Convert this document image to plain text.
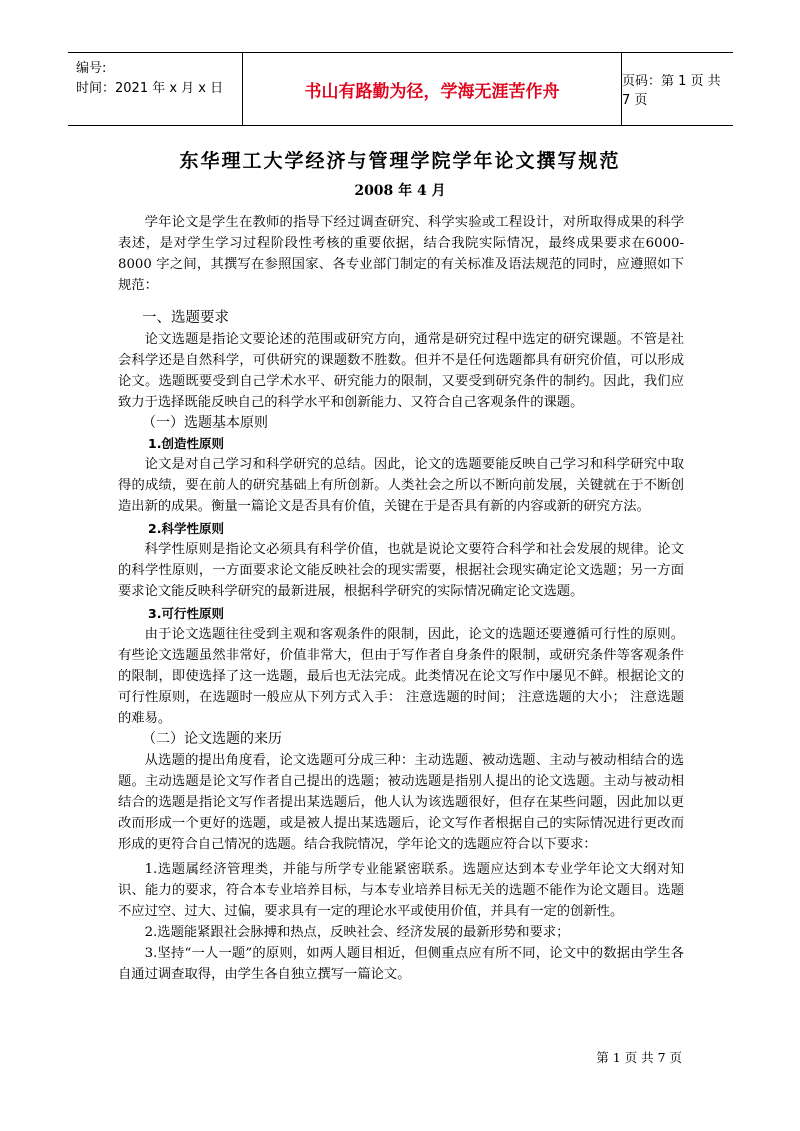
编号:
时间：2021 年 x 月 x 日	书山有路勤为径，学海无涯苦作舟	页码：第 1 页 共 7 页
东华理工大学经济与管理学院学年论文撰写规范
2008 年 4 月

学年论文是学生在教师的指导下经过调查研究、科学实验或工程设计，对所取得成果的科学表述，是对学生学习过程阶段性考核的重要依据，结合我院实际情况，最终成果要求在6000-8000 字之间，其撰写在参照国家、各专业部门制定的有关标准及语法规范的同时，应遵照如下规范：

一、选题要求

论文选题是指论文要论述的范围或研究方向，通常是研究过程中选定的研究课题。不管是社会科学还是自然科学，可供研究的课题数不胜数。但并不是任何选题都具有研究价值，可以形成论文。选题既要受到自己学术水平、研究能力的限制，又要受到研究条件的制约。因此，我们应致力于选择既能反映自己的科学水平和创新能力、又符合自己客观条件的课题。

（一）选题基本原则

1.创造性原则

论文是对自己学习和科学研究的总结。因此，论文的选题要能反映自己学习和科学研究中取得的成绩，要在前人的研究基础上有所创新。人类社会之所以不断向前发展，关键就在于不断创造出新的成果。衡量一篇论文是否具有价值，关键在于是否具有新的内容或新的研究方法。

2.科学性原则

科学性原则是指论文必须具有科学价值，也就是说论文要符合科学和社会发展的规律。论文的科学性原则，一方面要求论文能反映社会的现实需要，根据社会现实确定论文选题；另一方面要求论文能反映科学研究的最新进展，根据科学研究的实际情况确定论文选题。

3.可行性原则

由于论文选题往往受到主观和客观条件的限制，因此，论文的选题还要遵循可行性的原则。有些论文选题虽然非常好，价值非常大，但由于写作者自身条件的限制，或研究条件等客观条件的限制，即使选择了这一选题，最后也无法完成。此类情况在论文写作中屡见不鲜。根据论文的可行性原则，在选题时一般应从下列方式入手： 注意选题的时间； 注意选题的大小； 注意选题的难易。

（二）论文选题的来历

从选题的提出角度看，论文选题可分成三种：主动选题、被动选题、主动与被动相结合的选题。主动选题是论文写作者自己提出的选题；被动选题是指别人提出的论文选题。主动与被动相结合的选题是指论文写作者提出某选题后，他人认为该选题很好，但存在某些问题，因此加以更改而形成一个更好的选题，或是被人提出某选题后，论文写作者根据自己的实际情况进行更改而形成的更符合自己情况的选题。结合我院情况，学年论文的选题应符合以下要求：

1.选题属经济管理类，并能与所学专业能紧密联系。选题应达到本专业学年论文大纲对知识、能力的要求，符合本专业培养目标，与本专业培养目标无关的选题不能作为论文题目。选题不应过空、过大、过偏，要求具有一定的理论水平或使用价值，并具有一定的创新性。

2.选题能紧跟社会脉搏和热点，反映社会、经济发展的最新形势和要求；

3.坚持“一人一题”的原则，如两人题目相近，但侧重点应有所不同，论文中的数据由学生各自通过调查取得，由学生各自独立撰写一篇论文。

第 1 页 共 7 页
